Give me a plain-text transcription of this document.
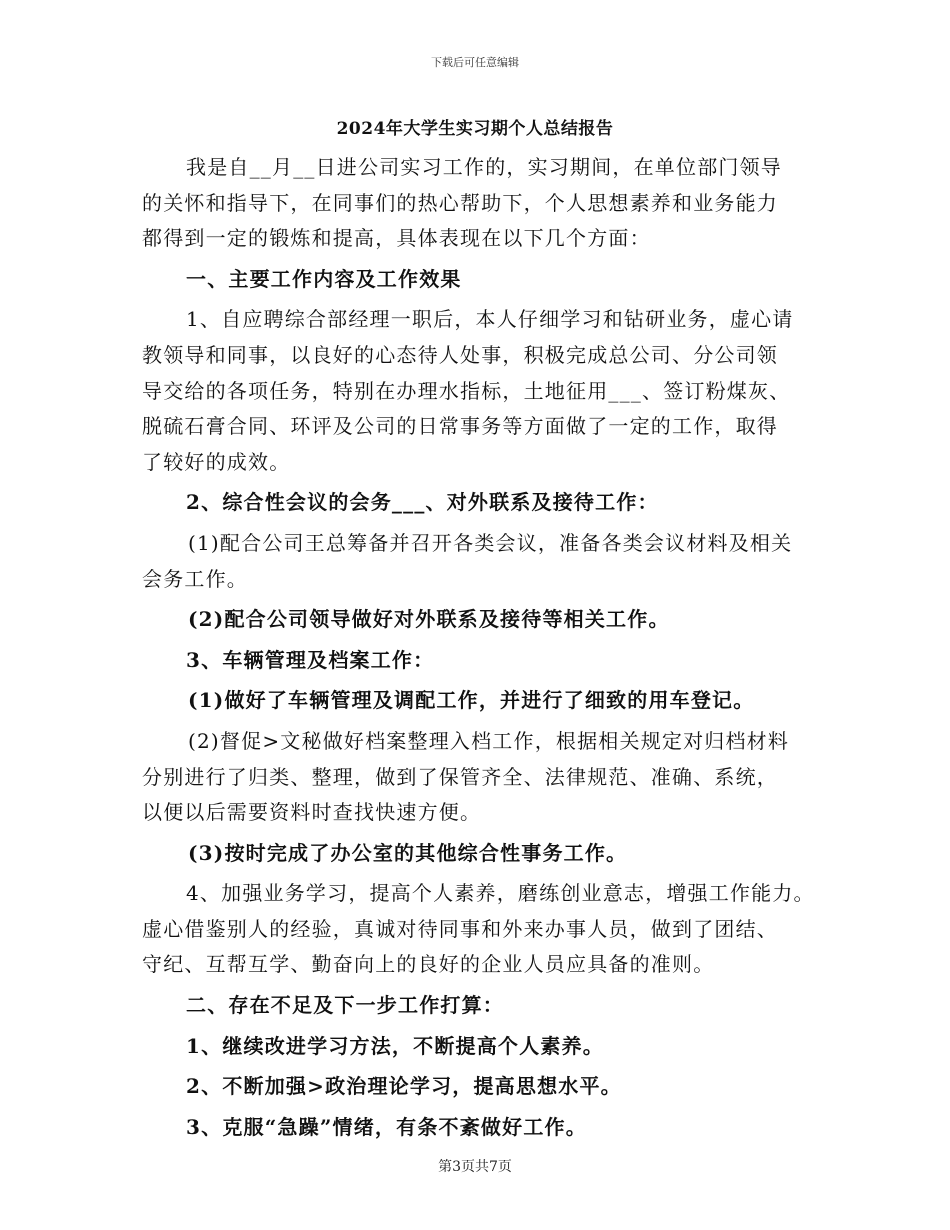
下载后可任意编辑
2024年大学生实习期个人总结报告
我是自__月__日进公司实习工作的，实习期间，在单位部门领导
的关怀和指导下，在同事们的热心帮助下，个人思想素养和业务能力
都得到一定的锻炼和提高，具体表现在以下几个方面：
一、主要工作内容及工作效果
1、自应聘综合部经理一职后，本人仔细学习和钻研业务，虚心请
教领导和同事，以良好的心态待人处事，积极完成总公司、分公司领
导交给的各项任务，特别在办理水指标，土地征用___、签订粉煤灰、
脱硫石膏合同、环评及公司的日常事务等方面做了一定的工作，取得
了较好的成效。
2、综合性会议的会务___、对外联系及接待工作：
(1)配合公司王总筹备并召开各类会议，准备各类会议材料及相关
会务工作。
(2)配合公司领导做好对外联系及接待等相关工作。
3、车辆管理及档案工作：
(1)做好了车辆管理及调配工作，并进行了细致的用车登记。
(2)督促>文秘做好档案整理入档工作，根据相关规定对归档材料
分别进行了归类、整理，做到了保管齐全、法律规范、准确、系统，
以便以后需要资料时查找快速方便。
(3)按时完成了办公室的其他综合性事务工作。
4、加强业务学习，提高个人素养，磨练创业意志，增强工作能力。
虚心借鉴别人的经验，真诚对待同事和外来办事人员，做到了团结、
守纪、互帮互学、勤奋向上的良好的企业人员应具备的准则。
二、存在不足及下一步工作打算：
1、继续改进学习方法，不断提高个人素养。
2、不断加强>政治理论学习，提高思想水平。
3、克服“急躁”情绪，有条不紊做好工作。
第3页共7页
